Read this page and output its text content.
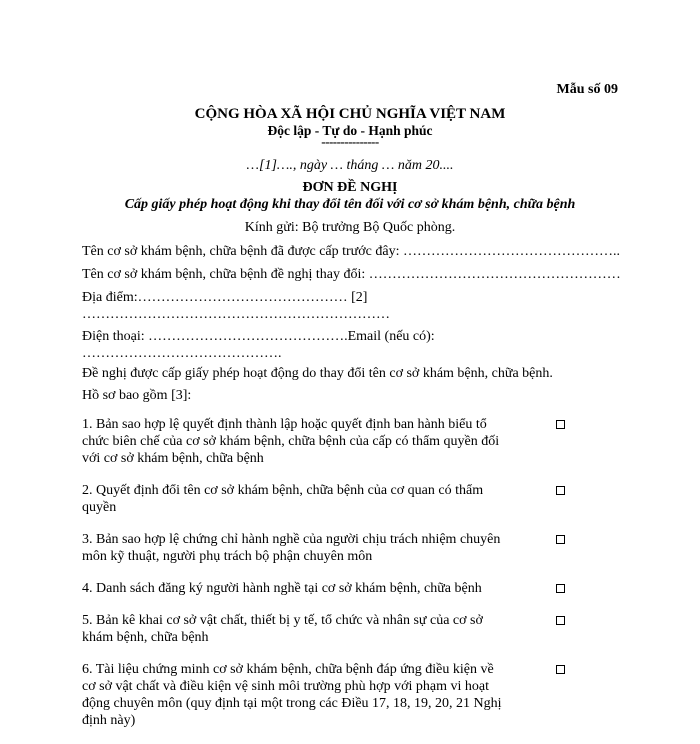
Mẫu số 09
CỘNG HÒA XÃ HỘI CHỦ NGHĨA VIỆT NAM
Độc lập - Tự do - Hạnh phúc
---------------
…[1]…., ngày … tháng … năm 20....
ĐƠN ĐỀ NGHỊ
Cấp giấy phép hoạt động khi thay đổi tên đối với cơ sở khám bệnh, chữa bệnh
Kính gửi: Bộ trưởng Bộ Quốc phòng.
Tên cơ sở khám bệnh, chữa bệnh đã được cấp trước đây: ………………………………………..
Tên cơ sở khám bệnh, chữa bệnh đề nghị thay đổi: ………………………………………………
Địa điểm:……………………………………… [2]
…………………………………………………………
Điện thoại: …………………………………….Email (nếu có):
…………………………………….
Đề nghị được cấp giấy phép hoạt động do thay đổi tên cơ sở khám bệnh, chữa bệnh.
Hồ sơ bao gồm [3]:
1. Bản sao hợp lệ quyết định thành lập hoặc quyết định ban hành biểu tổ chức biên chế của cơ sở khám bệnh, chữa bệnh của cấp có thẩm quyền đối với cơ sở khám bệnh, chữa bệnh
2. Quyết định đổi tên cơ sở khám bệnh, chữa bệnh của cơ quan có thẩm quyền
3. Bản sao hợp lệ chứng chỉ hành nghề của người chịu trách nhiệm chuyên môn kỹ thuật, người phụ trách bộ phận chuyên môn
4. Danh sách đăng ký người hành nghề tại cơ sở khám bệnh, chữa bệnh
5. Bản kê khai cơ sở vật chất, thiết bị y tế, tổ chức và nhân sự của cơ sở khám bệnh, chữa bệnh
6. Tài liệu chứng minh cơ sở khám bệnh, chữa bệnh đáp ứng điều kiện về cơ sở vật chất và điều kiện vệ sinh môi trường phù hợp với phạm vi hoạt động chuyên môn (quy định tại một trong các Điều 17, 18, 19, 20, 21 Nghị định này)
